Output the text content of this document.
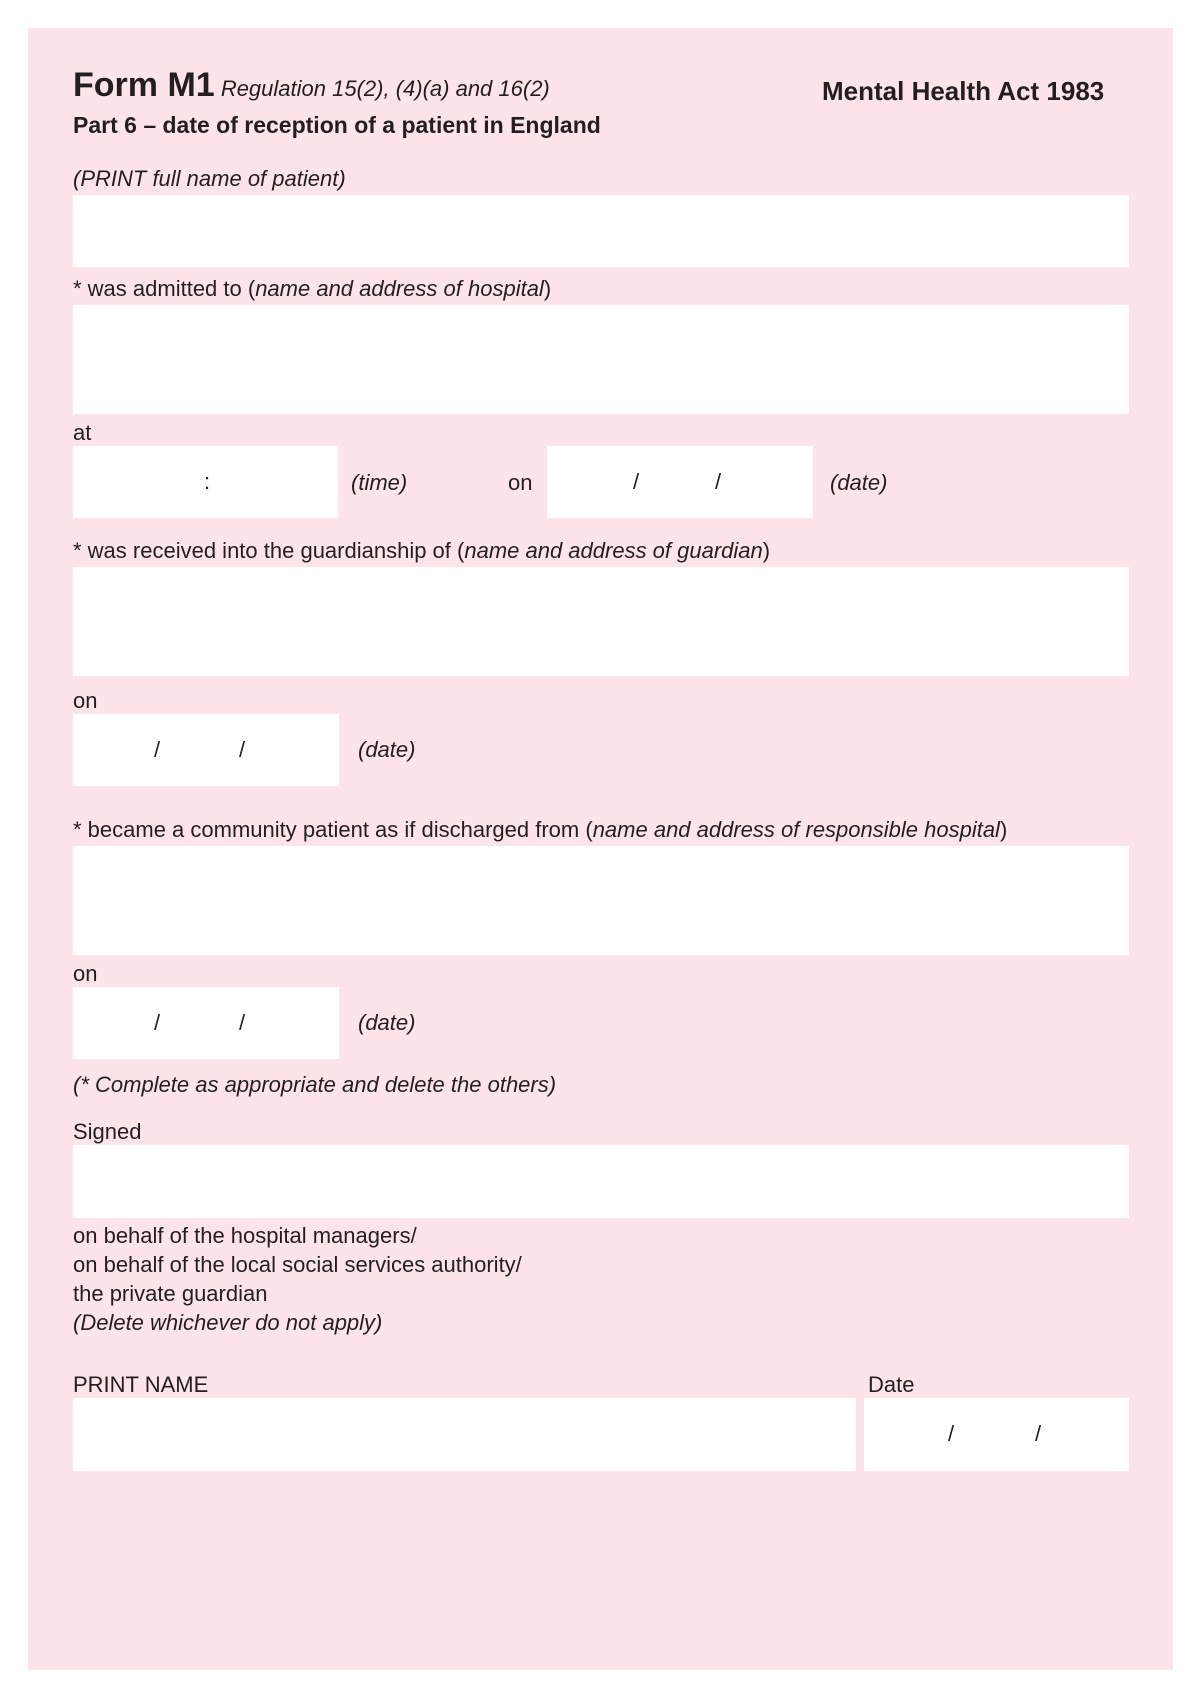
Form M1 Regulation 15(2), (4)(a) and 16(2)	Mental Health Act 1983
Part 6 – date of reception of a patient in England
(PRINT full name of patient)
* was admitted to (name and address of hospital)
at
:	(time)	on	/	/	(date)
* was received into the guardianship of (name and address of guardian)
on
/	/	(date)
* became a community patient as if discharged from (name and address of responsible hospital)
on
/	/	(date)
(* Complete as appropriate and delete the others)
Signed
on behalf of the hospital managers/
on behalf of the local social services authority/
the private guardian
(Delete whichever do not apply)
PRINT NAME	Date
/	/
